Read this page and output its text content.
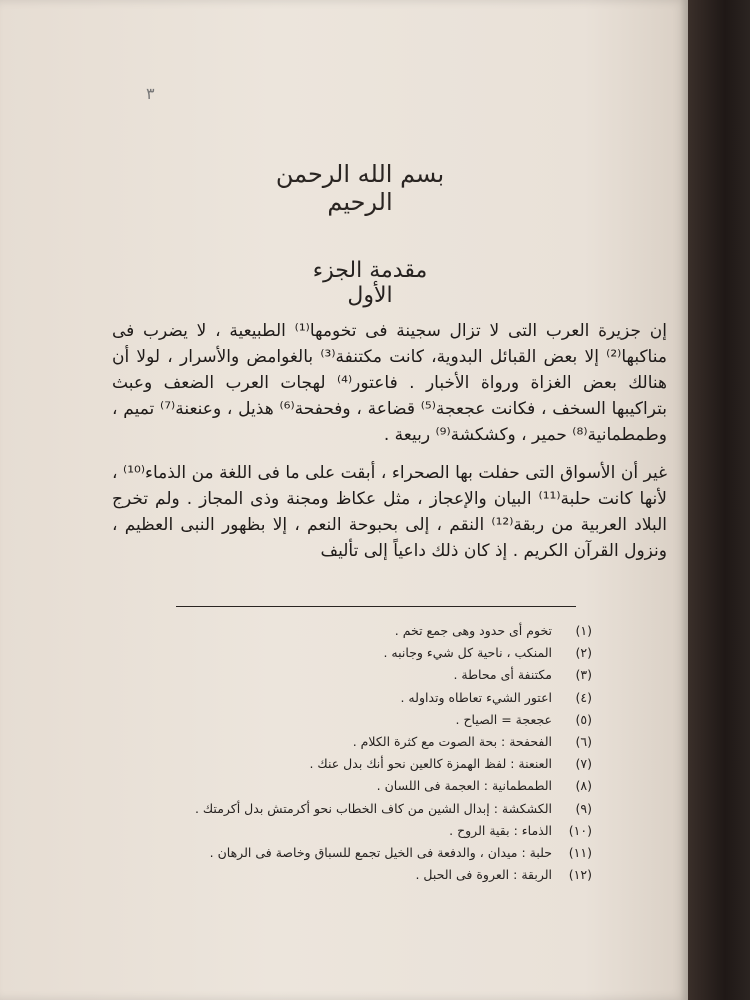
٣
⠀
⠀
⠀
⠀
⠀
⠀
بسم الله الرحمن الرحيم
مقدمة الجزء الأول

إن جزيرة العرب التى لا تزال سجينة فى تخومها⁽¹⁾ الطبيعية ، لا يضرب فى مناكبها⁽²⁾ إلا بعض القبائل البدوية، كانت مكتنفة⁽³⁾ بالغوامض والأسرار ، لولا أن هنالك بعض الغزاة ورواة الأخبار . فاعتور⁽⁴⁾ لهجات العرب الضعف وعبث بتراكيبها السخف ، فكانت عجعجة⁽⁵⁾ قضاعة ، وفحفحة⁽⁶⁾ هذيل ، وعنعنة⁽⁷⁾ تميم ، وطمطمانية⁽⁸⁾ حمير ، وكشكشة⁽⁹⁾ ربيعة .

غير أن الأسواق التى حفلت بها الصحراء ، أبقت على ما فى اللغة من الذماء⁽¹⁰⁾ ، لأنها كانت حلبة⁽¹¹⁾ البيان والإعجاز ، مثل عكاظ ومجنة وذى المجاز . ولم تخرج البلاد العربية من ربقة⁽¹²⁾ النقم ، إلى بحبوحة النعم ، إلا بظهور النبى العظيم ، ونزول القرآن الكريم . إذ كان ذلك داعياً إلى تأليف

(١)
تخوم أى حدود وهى جمع تخم .
(٢)
المنكب ، ناحية كل شيء وجانبه .
(٣)
مكتنفة أى محاطة .
(٤)
اعتور الشيء تعاطاه وتداوله .
(٥)
عجعجة = الصياح .
(٦)
الفحفحة : بحة الصوت مع كثرة الكلام .
(٧)
العنعنة : لفظ الهمزة كالعين نحو أنك بدل عنك .
(٨)
الطمطمانية : العجمة فى اللسان .
(٩)
الكشكشة : إبدال الشين من كاف الخطاب نحو أكرمتش بدل أكرمتك .
(١٠)
الذماء : بقية الروح .
(١١)
حلبة : ميدان ، والدفعة فى الخيل تجمع للسباق وخاصة فى الرهان .
(١٢)
الربقة : العروة فى الحبل .
